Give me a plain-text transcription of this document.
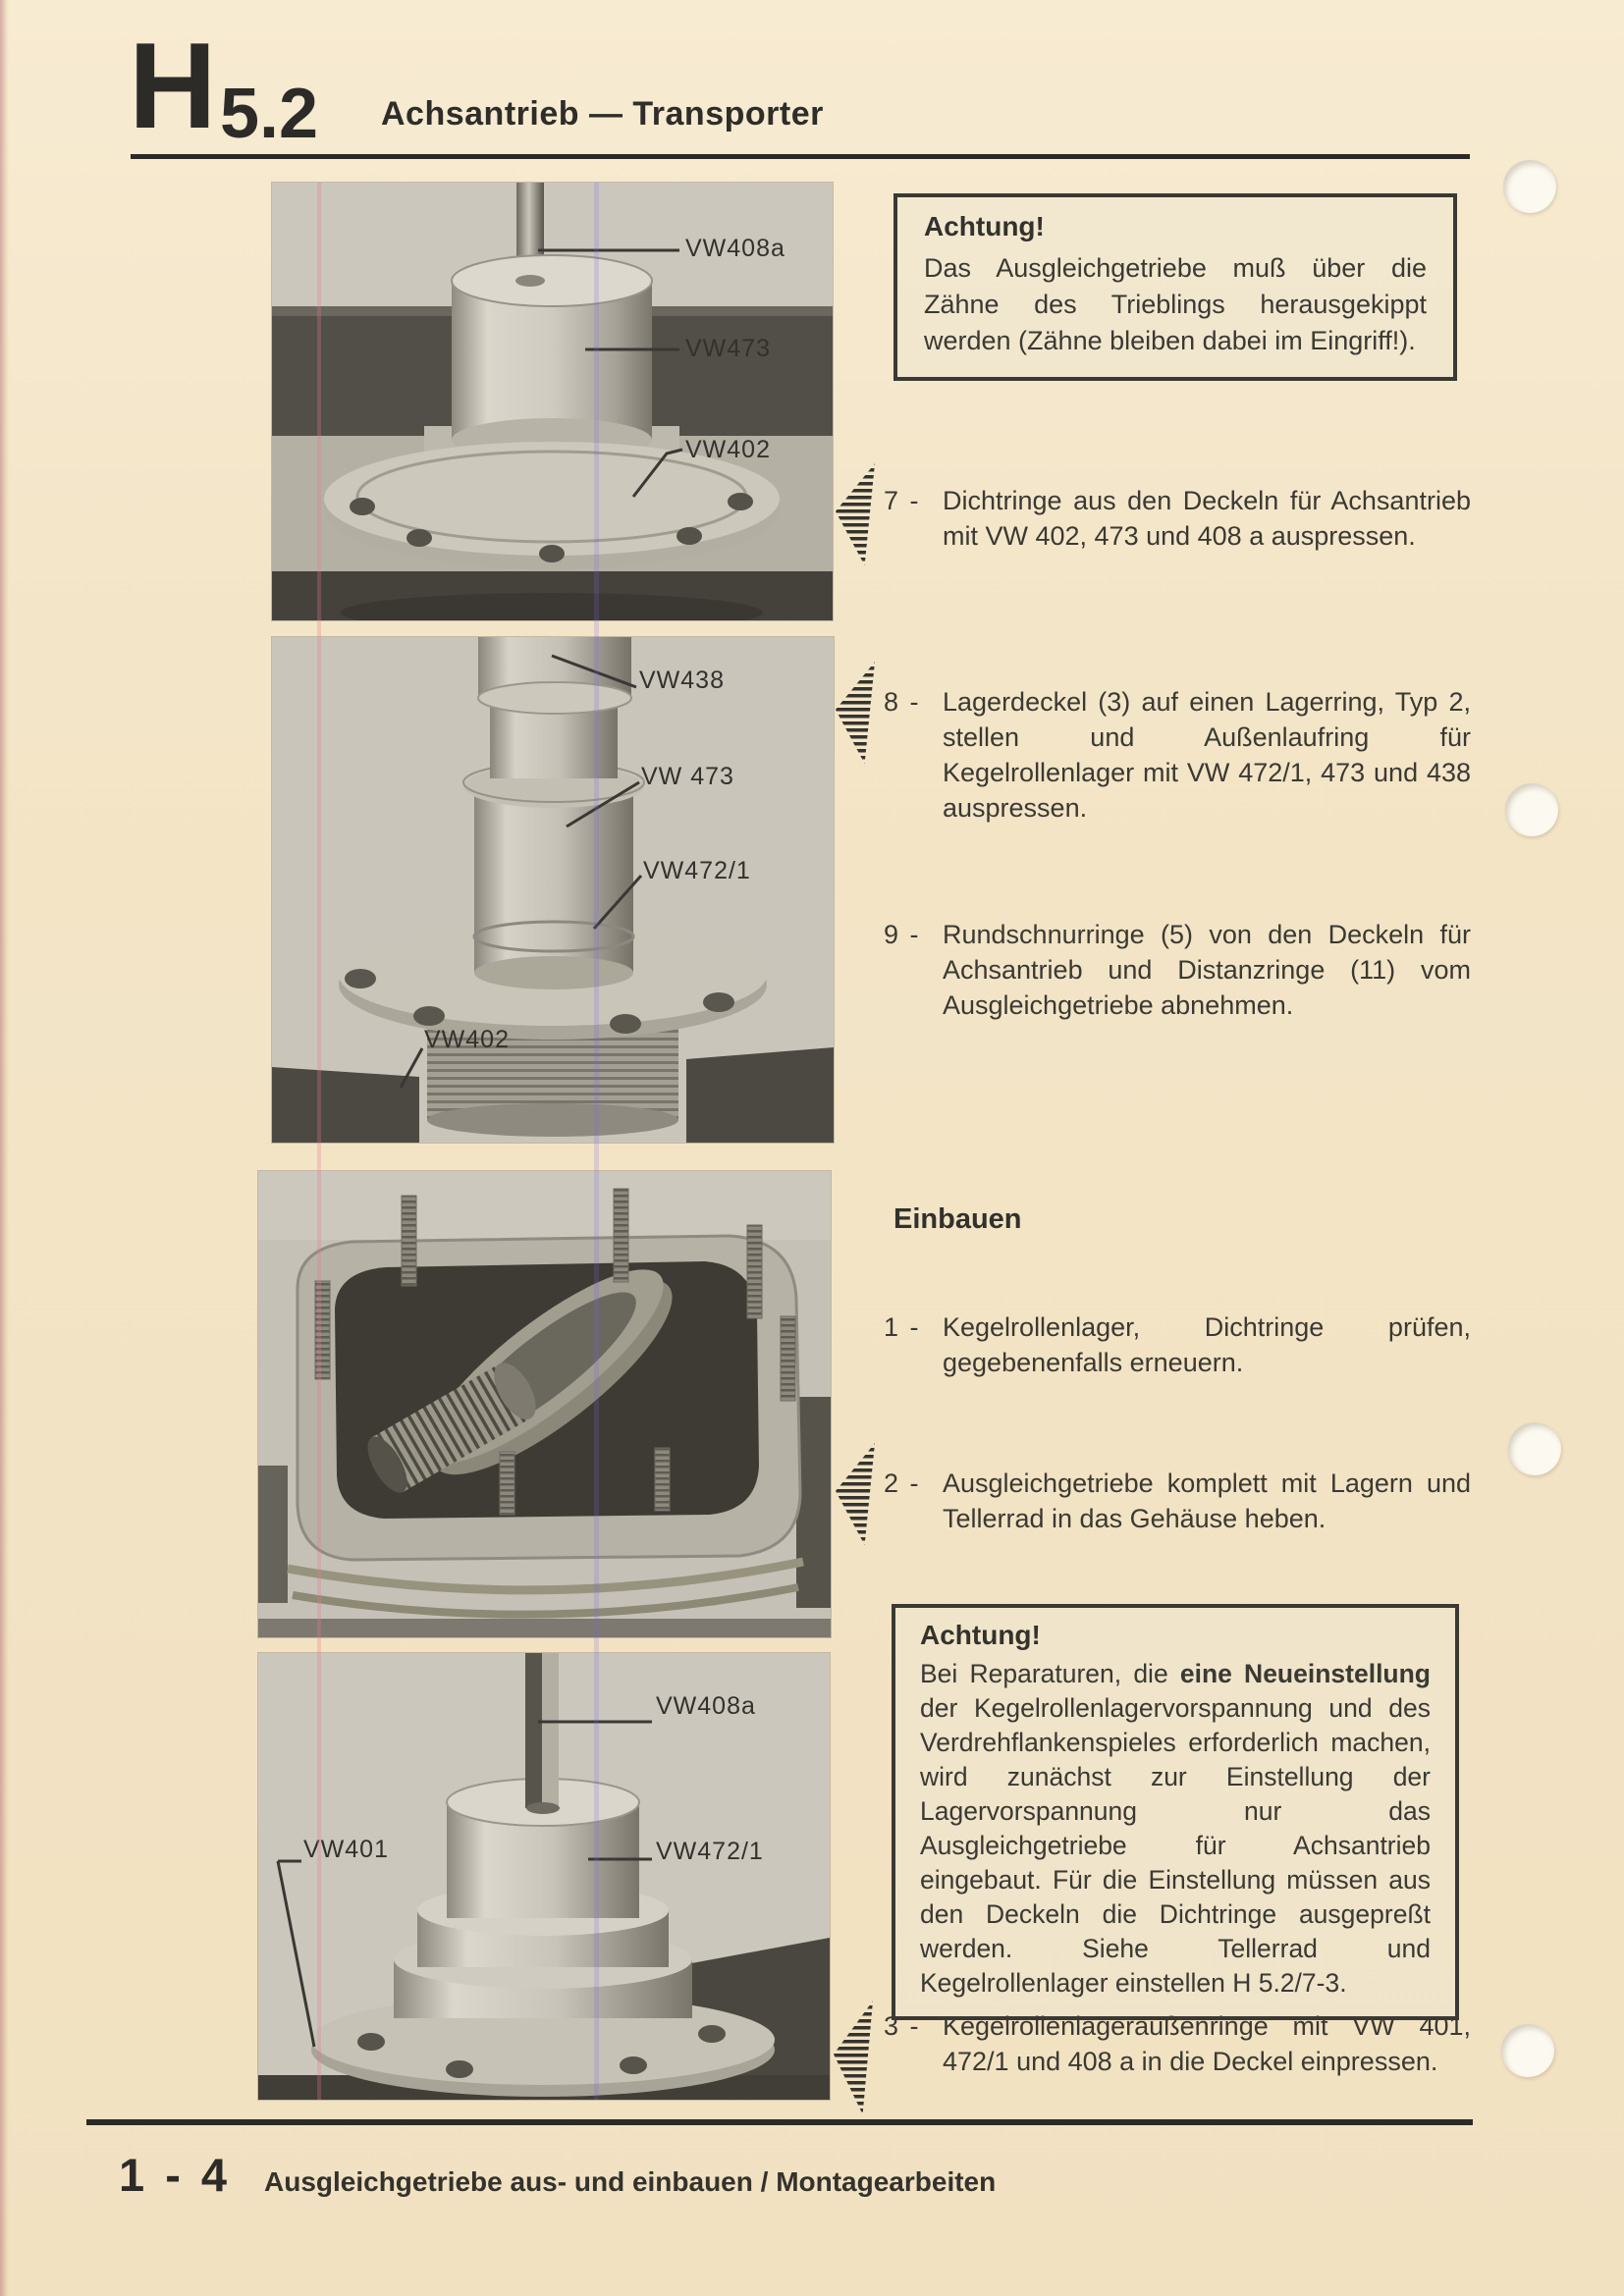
H 5.2 Achsantrieb — Transporter
VW408a
VW473
VW402
VW438
VW 473
VW472/1
VW402
VW408a
VW401	VW472/1
Achtung!
Das Ausgleichgetriebe muß über die Zähne des Trieblings herausgekippt werden (Zähne bleiben dabei im Eingriff!).
7 - Dichtringe aus den Deckeln für Achsantrieb mit VW 402, 473 und 408 a auspressen.
8 - Lagerdeckel (3) auf einen Lagerring, Typ 2, stellen und Außenlaufring für Kegelrollenlager mit VW 472/1, 473 und 438 auspressen.
9 - Rundschnurringe (5) von den Deckeln für Achsantrieb und Distanzringe (11) vom Ausgleichgetriebe abnehmen.
Einbauen
1 - Kegelrollenlager, Dichtringe prüfen, gegebenenfalls erneuern.
2 - Ausgleichgetriebe komplett mit Lagern und Tellerrad in das Gehäuse heben.
Achtung!
Bei Reparaturen, die eine Neueinstellung der Kegelrollenlagervorspannung und des Verdrehflankenspieles erforderlich machen, wird zunächst zur Einstellung der Lagervorspannung nur das Ausgleichgetriebe für Achsantrieb eingebaut. Für die Einstellung müssen aus den Deckeln die Dichtringe ausgepreßt werden. Siehe Tellerrad und Kegelrollenlager einstellen H 5.2/7-3.
3 - Kegelrollenlageraußenringe mit VW 401, 472/1 und 408 a in die Deckel einpressen.
1 - 4 Ausgleichgetriebe aus- und einbauen / Montagearbeiten
